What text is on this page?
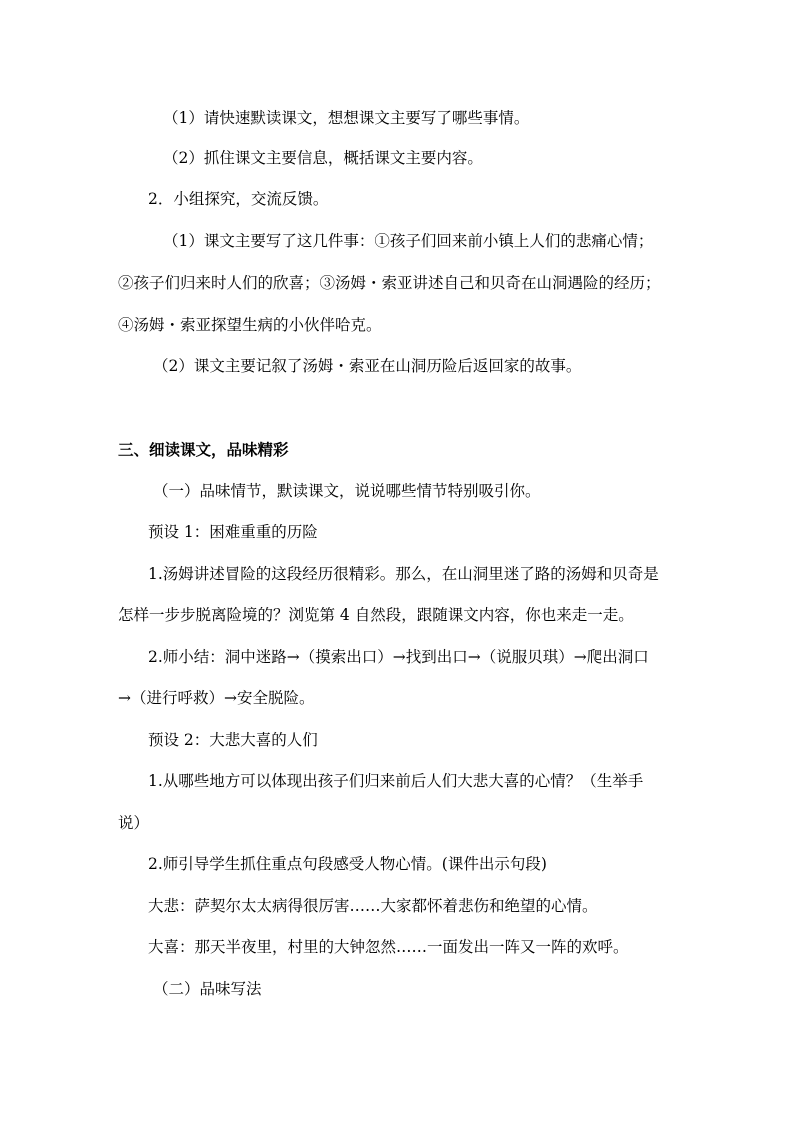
（1）请快速默读课文，想想课文主要写了哪些事情。
（2）抓住课文主要信息，概括课文主要内容。
2．小组探究，交流反馈。
（1）课文主要写了这几件事：①孩子们回来前小镇上人们的悲痛心情；
②孩子们归来时人们的欣喜；③汤姆・索亚讲述自己和贝奇在山洞遇险的经历；
④汤姆・索亚探望生病的小伙伴哈克。
（2）课文主要记叙了汤姆・索亚在山洞历险后返回家的故事。
三、细读课文，品味精彩
（一）品味情节，默读课文，说说哪些情节特别吸引你。
预设 1：困难重重的历险
1.汤姆讲述冒险的这段经历很精彩。那么，在山洞里迷了路的汤姆和贝奇是
怎样一步步脱离险境的？浏览第 4 自然段，跟随课文内容，你也来走一走。
2.师小结：洞中迷路→（摸索出口）→找到出口→（说服贝琪）→爬出洞口
→（进行呼救）→安全脱险。
预设 2：大悲大喜的人们
1.从哪些地方可以体现出孩子们归来前后人们大悲大喜的心情？（生举手
说）
2.师引导学生抓住重点句段感受人物心情。(课件出示句段)
大悲：萨契尔太太病得很厉害……大家都怀着悲伤和绝望的心情。
大喜：那天半夜里，村里的大钟忽然……一面发出一阵又一阵的欢呼。
（二）品味写法
